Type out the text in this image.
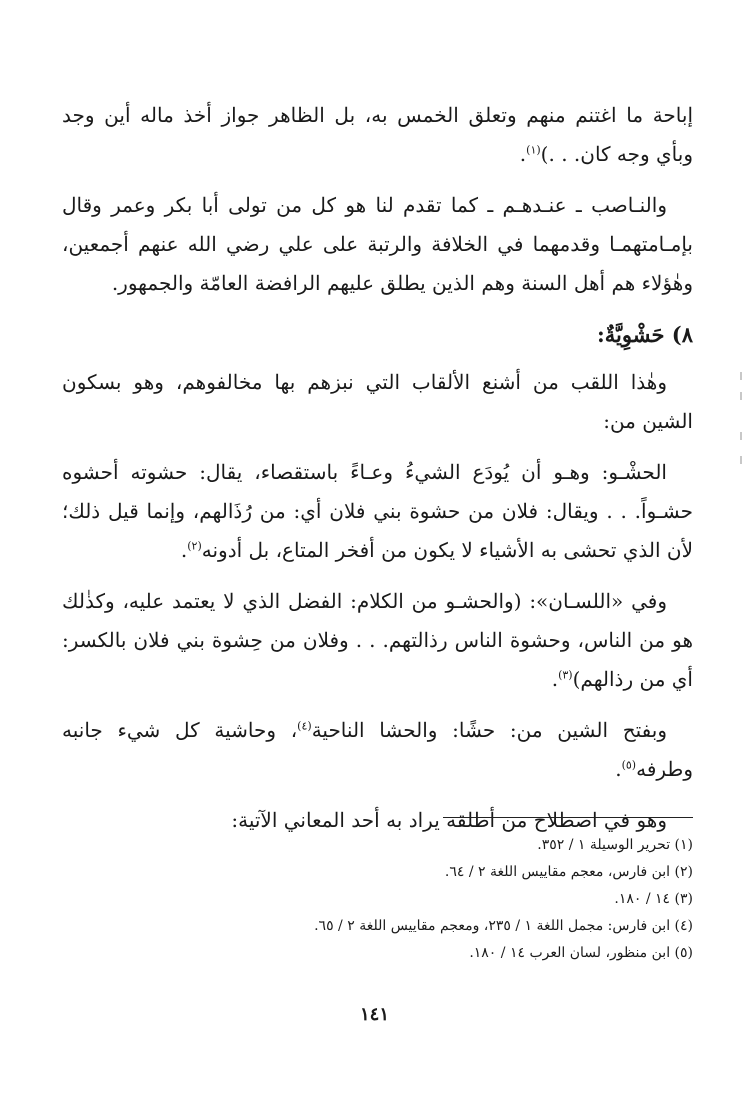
إباحة ما اغتنم منهم وتعلق الخمس به، بل الظاهر جواز أخذ ماله أين وجد وبأي وجه كان. . .)$^{(١)}$.

والنـاصب ـ عنـدهـم ـ كما تقدم لنا هو كل من تولى أبا بكر وعمر وقال بإمـامتهمـا وقدمهما في الخلافة والرتبة على علي رضي الله عنهم أجمعين، وهٰؤلاء هم أهل السنة وهم الذين يطلق عليهم الرافضة العامّة والجمهور.

٨) حَشْوِيَّةٌ:

وهٰذا اللقب من أشنع الألقاب التي نبزهم بها مخالفوهم، وهو بسكون الشين من:

الحشْـو: وهـو أن يُودَع الشيءُ وعـاءً باستقصاء، يقال: حشوته أحشوه حشـواً. . . ويقال: فلان من حشوة بني فلان أي: من رُذَالهم، وإنما قيل ذلك؛ لأن الذي تحشى به الأشياء لا يكون من أفخر المتاع، بل أدونه$^{(٢)}$.

وفي «اللسـان»: (والحشـو من الكلام: الفضل الذي لا يعتمد عليه، وكذٰلك هو من الناس، وحشوة الناس رذالتهم. . . وفلان من حِشوة بني فلان بالكسر: أي من رذالهم)$^{(٣)}$.

وبفتح الشين من: حشًا: والحشا الناحية$^{(٤)}$، وحاشية كل شيء جانبه وطرفه$^{(٥)}$.

وهو في اصطلاح من أطلقه يراد به أحد المعاني الآتية:

(١) تحرير الوسيلة ١ / ٣٥٢.
(٢) ابن فارس، معجم مقاييس اللغة ٢ / ٦٤.
(٣) ١٤ / ١٨٠.
(٤) ابن فارس: مجمل اللغة ١ / ٢٣٥، ومعجم مقاييس اللغة ٢ / ٦٥.
(٥) ابن منظور، لسان العرب ١٤ / ١٨٠.
١٤١
